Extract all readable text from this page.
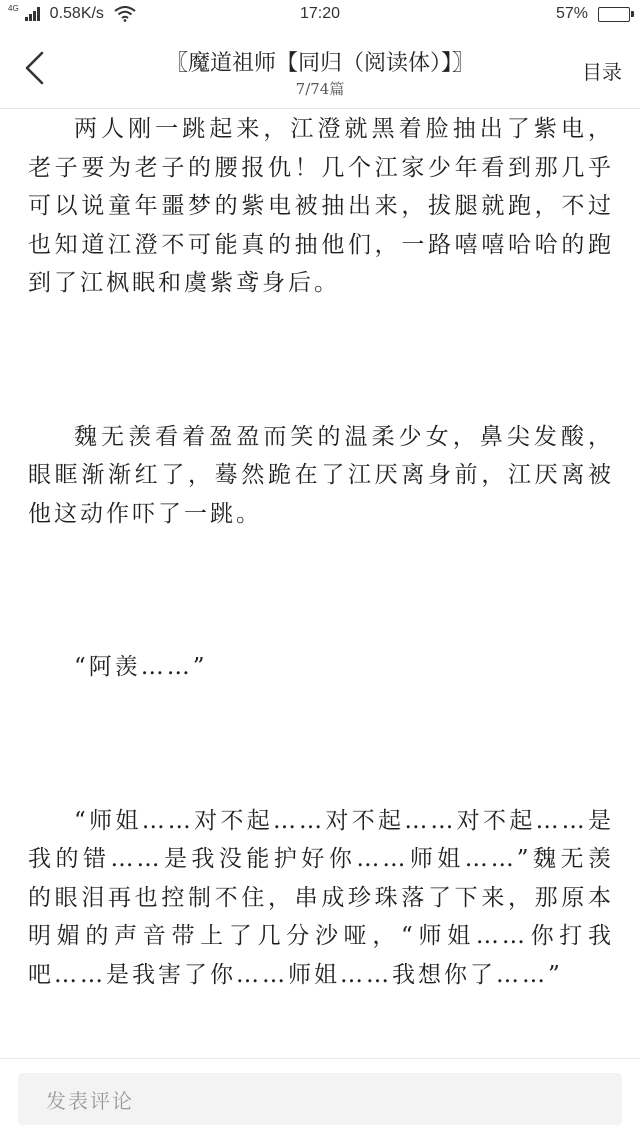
4G 0.58K/s	17:20	57%
〖魔道祖师【同归（阅读体）】〗
7/74篇
目录

两人刚一跳起来，江澄就黑着脸抽出了紫电，老子要为老子的腰报仇！几个江家少年看到那几乎可以说童年噩梦的紫电被抽出来，拔腿就跑，不过也知道江澄不可能真的抽他们，一路嘻嘻哈哈的跑到了江枫眠和虞紫鸢身后。

魏无羡看着盈盈而笑的温柔少女，鼻尖发酸，眼眶渐渐红了，蓦然跪在了江厌离身前，江厌离被他这动作吓了一跳。

“阿羡……”

“师姐……对不起……对不起……对不起……是我的错……是我没能护好你……师姐……”魏无羡的眼泪再也控制不住，串成珍珠落了下来，那原本明媚的声音带上了几分沙哑，“师姐……你打我吧……是我害了你……师姐……我想你了……”

发表评论
